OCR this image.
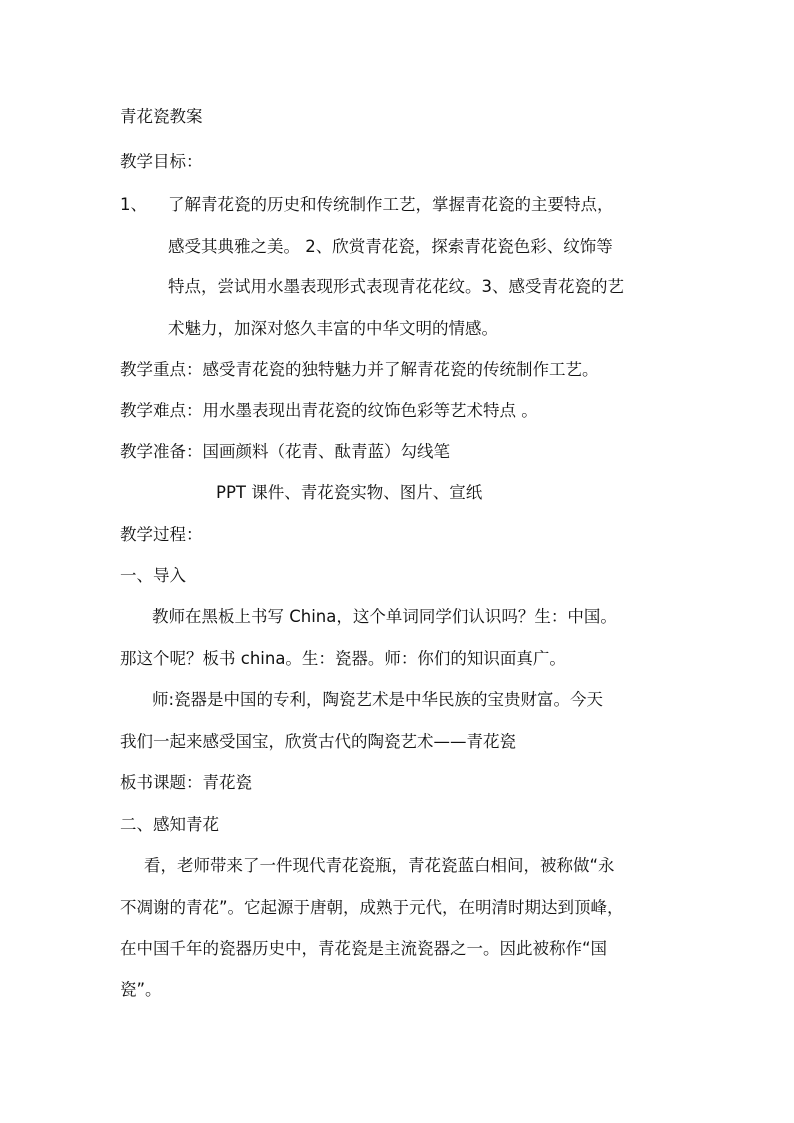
青花瓷教案
教学目标：
1、 了解青花瓷的历史和传统制作工艺，掌握青花瓷的主要特点，
感受其典雅之美。 2、欣赏青花瓷，探索青花瓷色彩、纹饰等
特点，尝试用水墨表现形式表现青花花纹。3、感受青花瓷的艺
术魅力，加深对悠久丰富的中华文明的情感。
教学重点：感受青花瓷的独特魅力并了解青花瓷的传统制作工艺。
教学难点：用水墨表现出青花瓷的纹饰色彩等艺术特点 。
教学准备：国画颜料（花青、酞青蓝）勾线笔
PPT 课件、青花瓷实物、图片、宣纸
教学过程：
一、导入
教师在黑板上书写 China，这个单词同学们认识吗？生：中国。
那这个呢？板书 china。生：瓷器。师：你们的知识面真广。
师:瓷器是中国的专利，陶瓷艺术是中华民族的宝贵财富。今天
我们一起来感受国宝，欣赏古代的陶瓷艺术——青花瓷
板书课题：青花瓷
二、感知青花
看，老师带来了一件现代青花瓷瓶，青花瓷蓝白相间，被称做“永
不凋谢的青花”。它起源于唐朝，成熟于元代，在明清时期达到顶峰，
在中国千年的瓷器历史中，青花瓷是主流瓷器之一。因此被称作“国
瓷”。
